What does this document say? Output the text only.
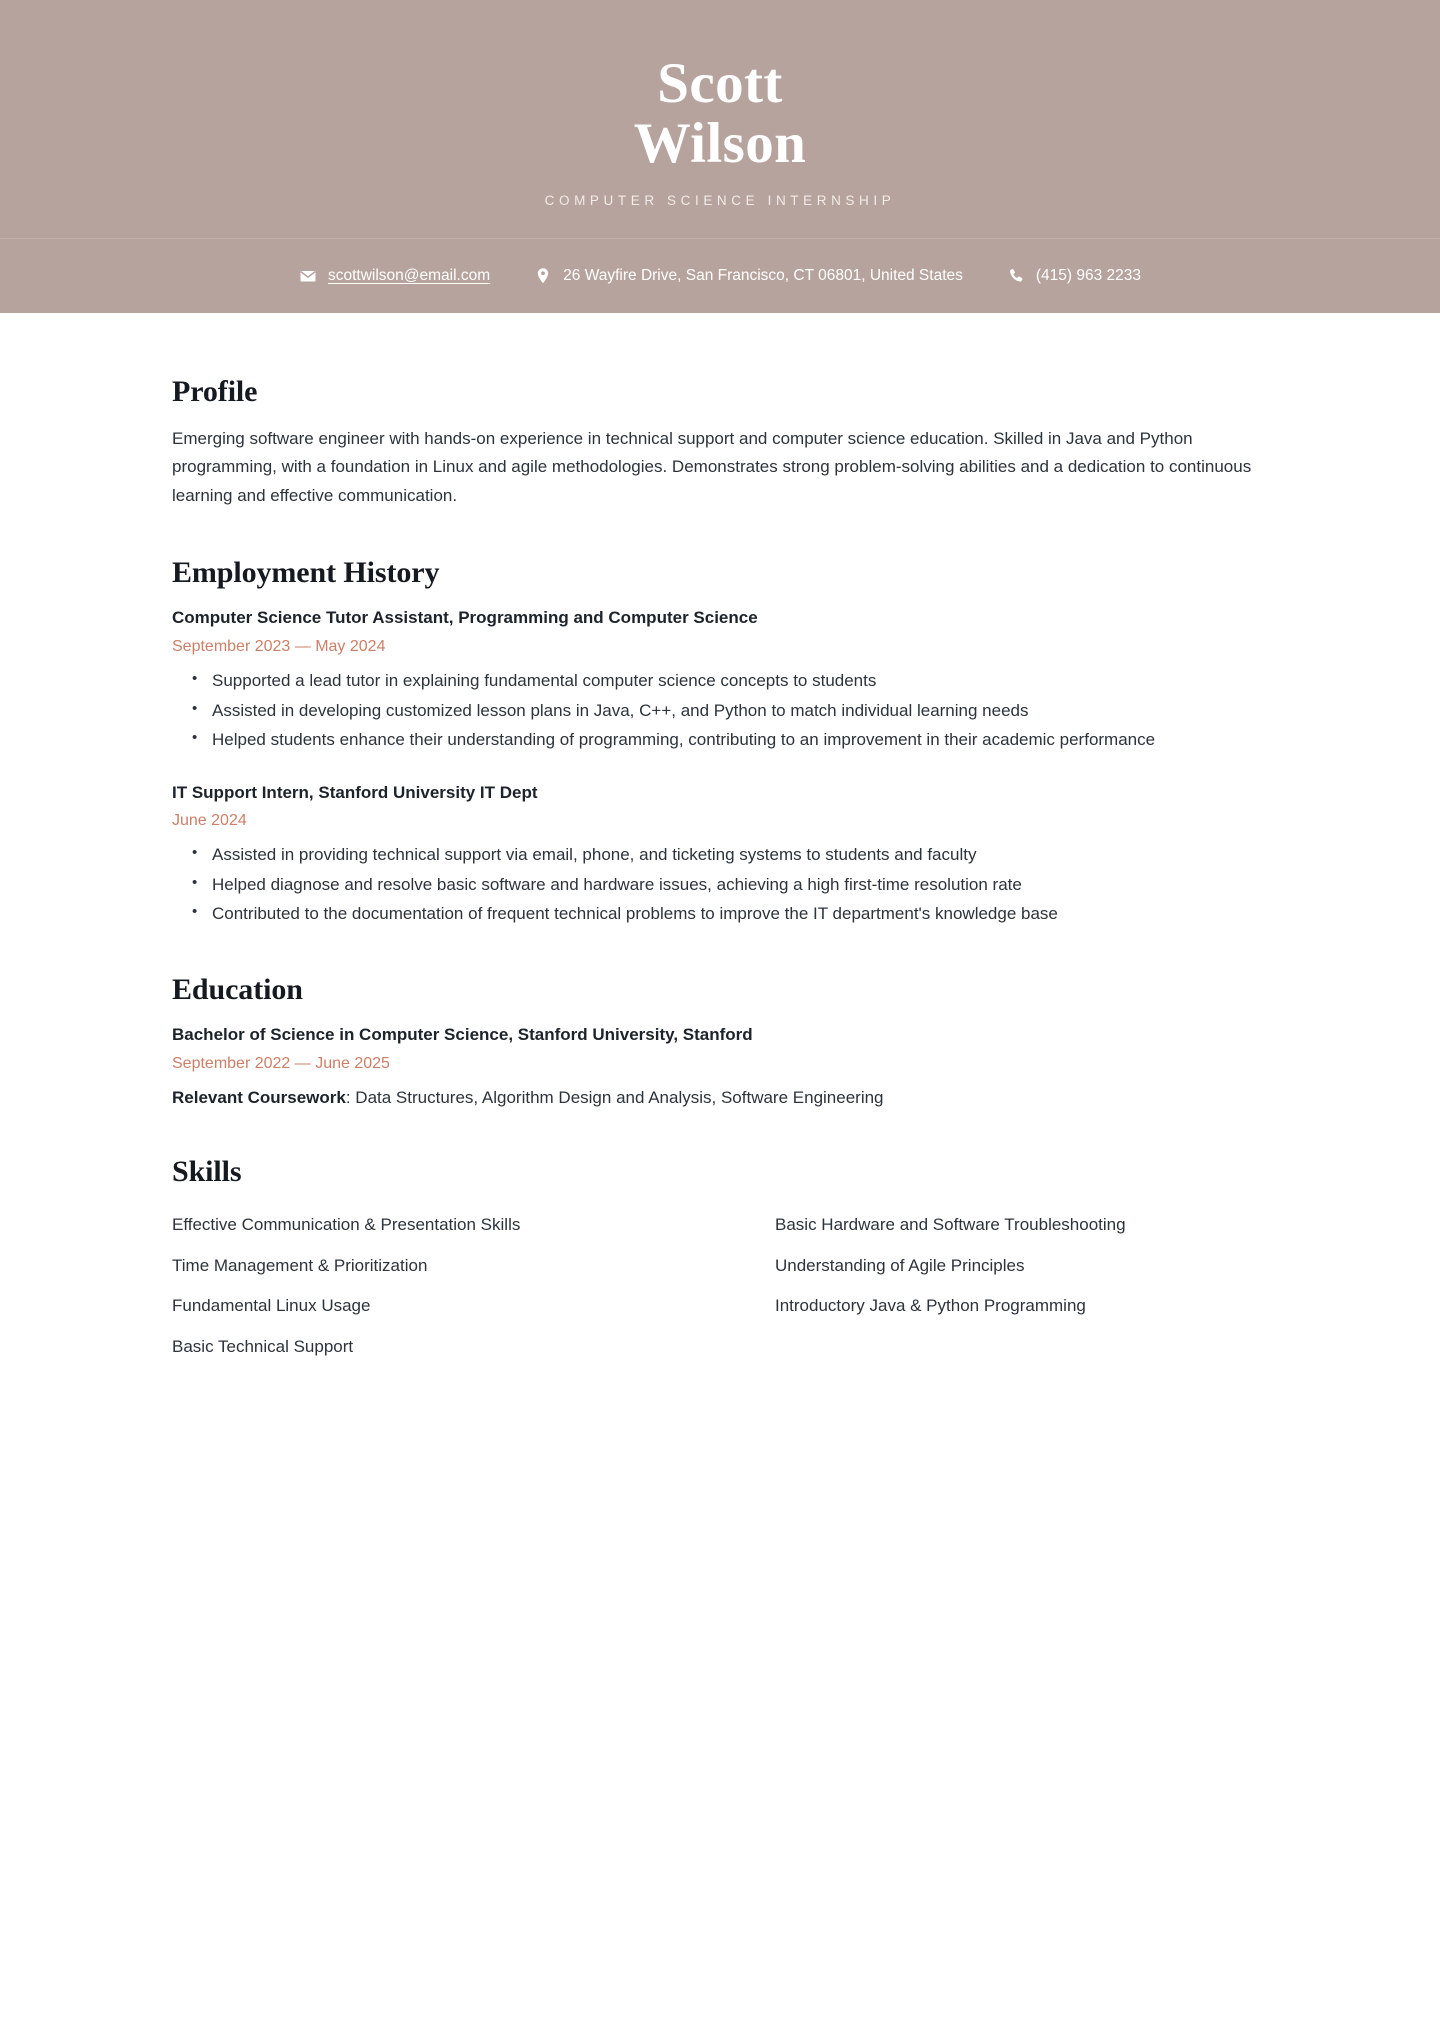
Scott
Wilson
COMPUTER SCIENCE INTERNSHIP
scottwilson@email.com	26 Wayfire Drive, San Francisco, CT 06801, United States	(415) 963 2233
Profile

Emerging software engineer with hands-on experience in technical support and computer science education. Skilled in Java and Python programming, with a foundation in Linux and agile methodologies. Demonstrates strong problem-solving abilities and a dedication to continuous learning and effective communication.

Employment History
Computer Science Tutor Assistant, Programming and Computer Science
September 2023 — May 2024
• Supported a lead tutor in explaining fundamental computer science concepts to students
• Assisted in developing customized lesson plans in Java, C++, and Python to match individual learning needs
• Helped students enhance their understanding of programming, contributing to an improvement in their academic performance
IT Support Intern, Stanford University IT Dept
June 2024
• Assisted in providing technical support via email, phone, and ticketing systems to students and faculty
• Helped diagnose and resolve basic software and hardware issues, achieving a high first-time resolution rate
• Contributed to the documentation of frequent technical problems to improve the IT department's knowledge base
Education
Bachelor of Science in Computer Science, Stanford University, Stanford
September 2022 — June 2025
Relevant Coursework: Data Structures, Algorithm Design and Analysis, Software Engineering
Skills
Effective Communication & Presentation Skills
Time Management & Prioritization
Fundamental Linux Usage
Basic Technical Support
Basic Hardware and Software Troubleshooting
Understanding of Agile Principles
Introductory Java & Python Programming
